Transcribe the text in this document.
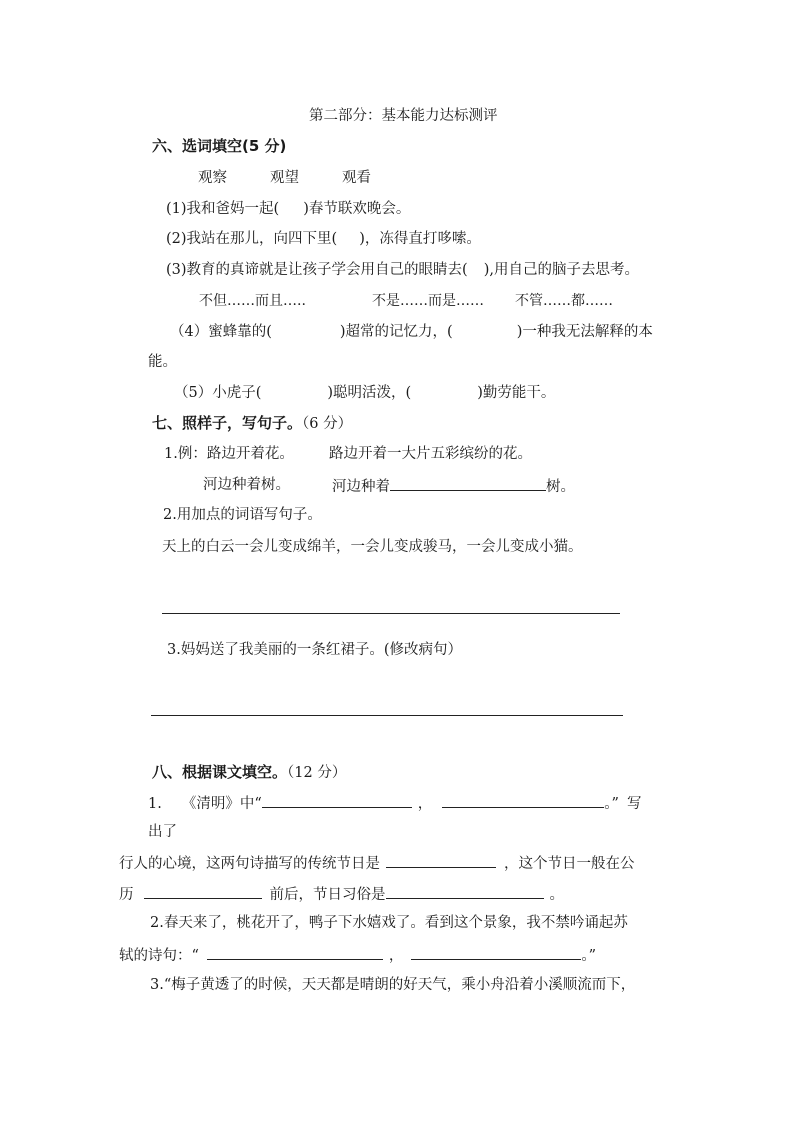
第二部分：基本能力达标测评
六、选词填空(5 分)
观察	观望	观看
(1)我和爸妈一起( )春节联欢晚会。
(2)我站在那儿，向四下里( )，冻得直打哆嗦。
(3)教育的真谛就是让孩子学会用自己的眼睛去( ),用自己的脑子去思考。
不但……而且…..	不是……而是…… 不管……都……
（4）蜜蜂靠的(	)超常的记忆力，(	)一种我无法解释的本
能。
（5）小虎子(	)聪明活泼，(	)勤劳能干。
七、照样子，写句子。（6 分）
1.例：路边开着花。 路边开着一大片五彩缤纷的花。
河边种着树。	河边种着	树。
2.用加点的词语写句子。
天上的白云一会儿变成绵羊，一会儿变成骏马，一会儿变成小猫。
3.妈妈送了我美丽的一条红裙子。(修改病句）
八、根据课文填空。（12 分）
1. 《清明》中“	，	。” 写
出了
行人的心境，这两句诗描写的传统节日是	，这个节日一般在公
历	前后，节日习俗是	。
2.春天来了，桃花开了，鸭子下水嬉戏了。看到这个景象，我不禁吟诵起苏
轼的诗句：“	，	。”
3.“梅子黄透了的时候，天天都是晴朗的好天气，乘小舟沿着小溪顺流而下，
